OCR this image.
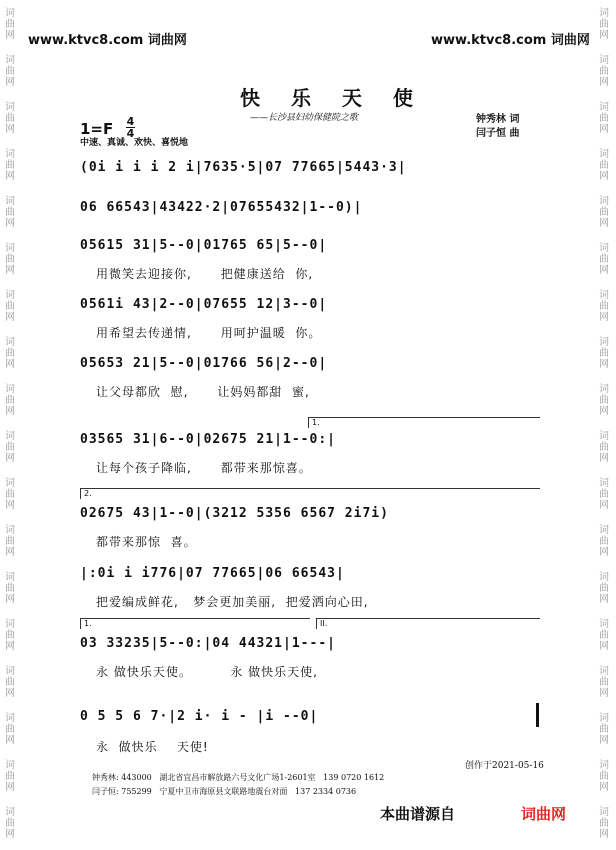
www.ktvc8.com 词曲网	www.ktvc8.com 词曲网
词
曲
网
词
曲
网
词
曲
网
词
曲
网
词
曲
网
词
曲
网
词
曲
网
词
曲
网
词
曲
网
词
曲
网
词
曲
网
词
曲
网
词
曲
网
词
曲
网
词
曲
网
词
曲
网
词
曲
网
词
曲
网
词
曲
网
词
曲
网
词
曲
网
词
曲
网
词
曲
网
词
曲
网
词
曲
网
词
曲
网
词
曲
网
词
曲
网
词
曲
网
词
曲
网
词
曲
网
词
曲
网
词
曲
网
词
曲
网
词
曲
网
词
曲
网
快 乐 天 使
——长沙县妇幼保健院之歌
1=F 4
4
中速、真诚、欢快、喜悦地
钟秀林 词
闫子恒 曲
(0i i i i 2 i|7635·5|07 77665|5443·3|
06 66543|43422·2|07655432|1--0)|
05615 31|5--0|01765 65|5--0|
用微笑去迎接你,      把健康送给  你,
0561i 43|2--0|07655 12|3--0|
用希望去传递情,      用呵护温暖  你。
05653 21|5--0|01766 56|2--0|
让父母都欣  慰,      让妈妈都甜  蜜,
1.
03565 31|6--0|02675 21|1--0:|
让每个孩子降临,      都带来那惊喜。
2.
02675 43|1--0|(3212 5356 6567 2i7i)
都带来那惊  喜。
|:0i i i776|07 77665|06 66543|
把爱编成鲜花,   梦会更加美丽,  把爱洒向心田,
1.	II.
03 33235|5--0:|04 44321|1---|
永 做快乐天使。        永 做快乐天使,
0 5 5 6 7·|2 i· i - |i --0|
永  做快乐    天使!
创作于2021-05-16
钟秀林: 443000   湖北省宜昌市解放路六号文化广场1-2601室   139 0720 1612
闫子恒: 755299   宁夏中卫市海原县文联路地震台对面   137 2334 0736
本曲谱源自	词曲网
